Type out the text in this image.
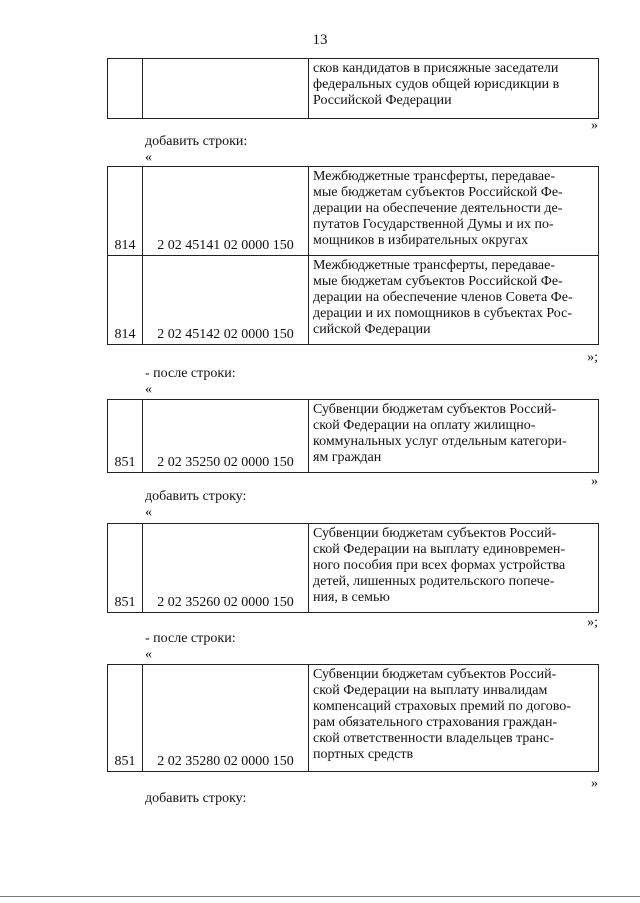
13

сков кандидатов в присяжные заседатели
федеральных судов общей юрисдикции в
Российской Федерации
»
добавить строки:
«
814	2 02 45141 02 0000 150	Межбюджетные трансферты, передавае-
мые бюджетам субъектов Российской Фе-
дерации на обеспечение деятельности де-
путатов Государственной Думы и их по-
мощников в избирательных округах

814	2 02 45142 02 0000 150	Межбюджетные трансферты, передавае-
мые бюджетам субъектов Российской Фе-
дерации на обеспечение членов Совета Фе-
дерации и их помощников в субъектах Рос-
сийской Федерации
»;
- после строки:
«
851	2 02 35250 02 0000 150	
Субвенции бюджетам субъектов Россий-
ской Федерации на оплату жилищно-
коммунальных услуг отдельным категори-
ям граждан
»
добавить строку:
«
851	2 02 35260 02 0000 150	
Субвенции бюджетам субъектов Россий-
ской Федерации на выплату единовремен-
ного пособия при всех формах устройства
детей, лишенных родительского попече-
ния, в семью
»;
- после строки:
«
851	2 02 35280 02 0000 150	
Субвенции бюджетам субъектов Россий-
ской Федерации на выплату инвалидам
компенсаций страховых премий по догово-
рам обязательного страхования граждан-
ской ответственности владельцев транс-
портных средств
»
добавить строку:
